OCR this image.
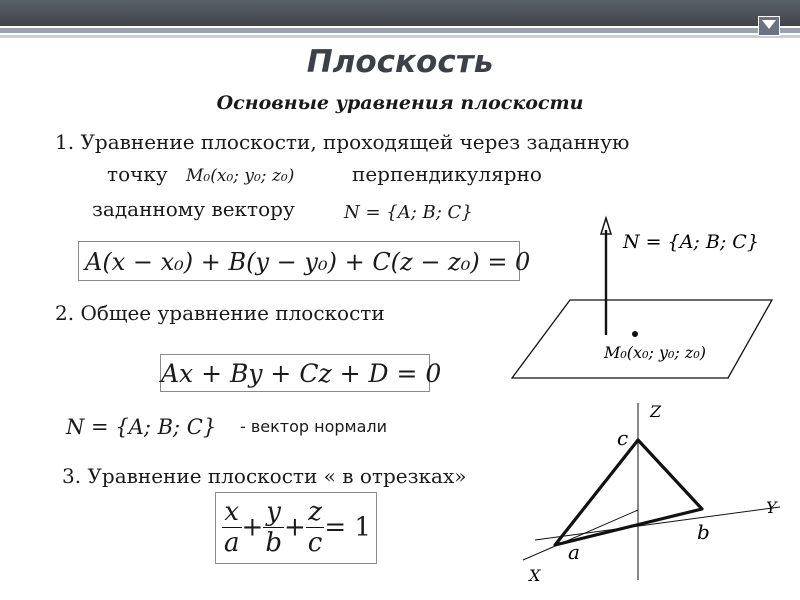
Плоскость
Основные уравнения плоскости
1. Уравнение плоскости, проходящей через заданную
точку M₀(x₀; y₀; z₀)	перпендикулярно
заданному вектору	N = {A; B; C}
A(x − x₀) + B(y − y₀) + C(z − z₀) = 0
2. Общее уравнение плоскости
Ax + By + Cz + D = 0
N = {A; B; C} - вектор нормали
3. Уравнение плоскости « в отрезках»
$\frac{x}{a} + \frac{y}{b} + \frac{z}{c} = 1$
N = {A; B; C}
M₀(x₀; y₀; z₀)
Z
Y
X
c
b
a
